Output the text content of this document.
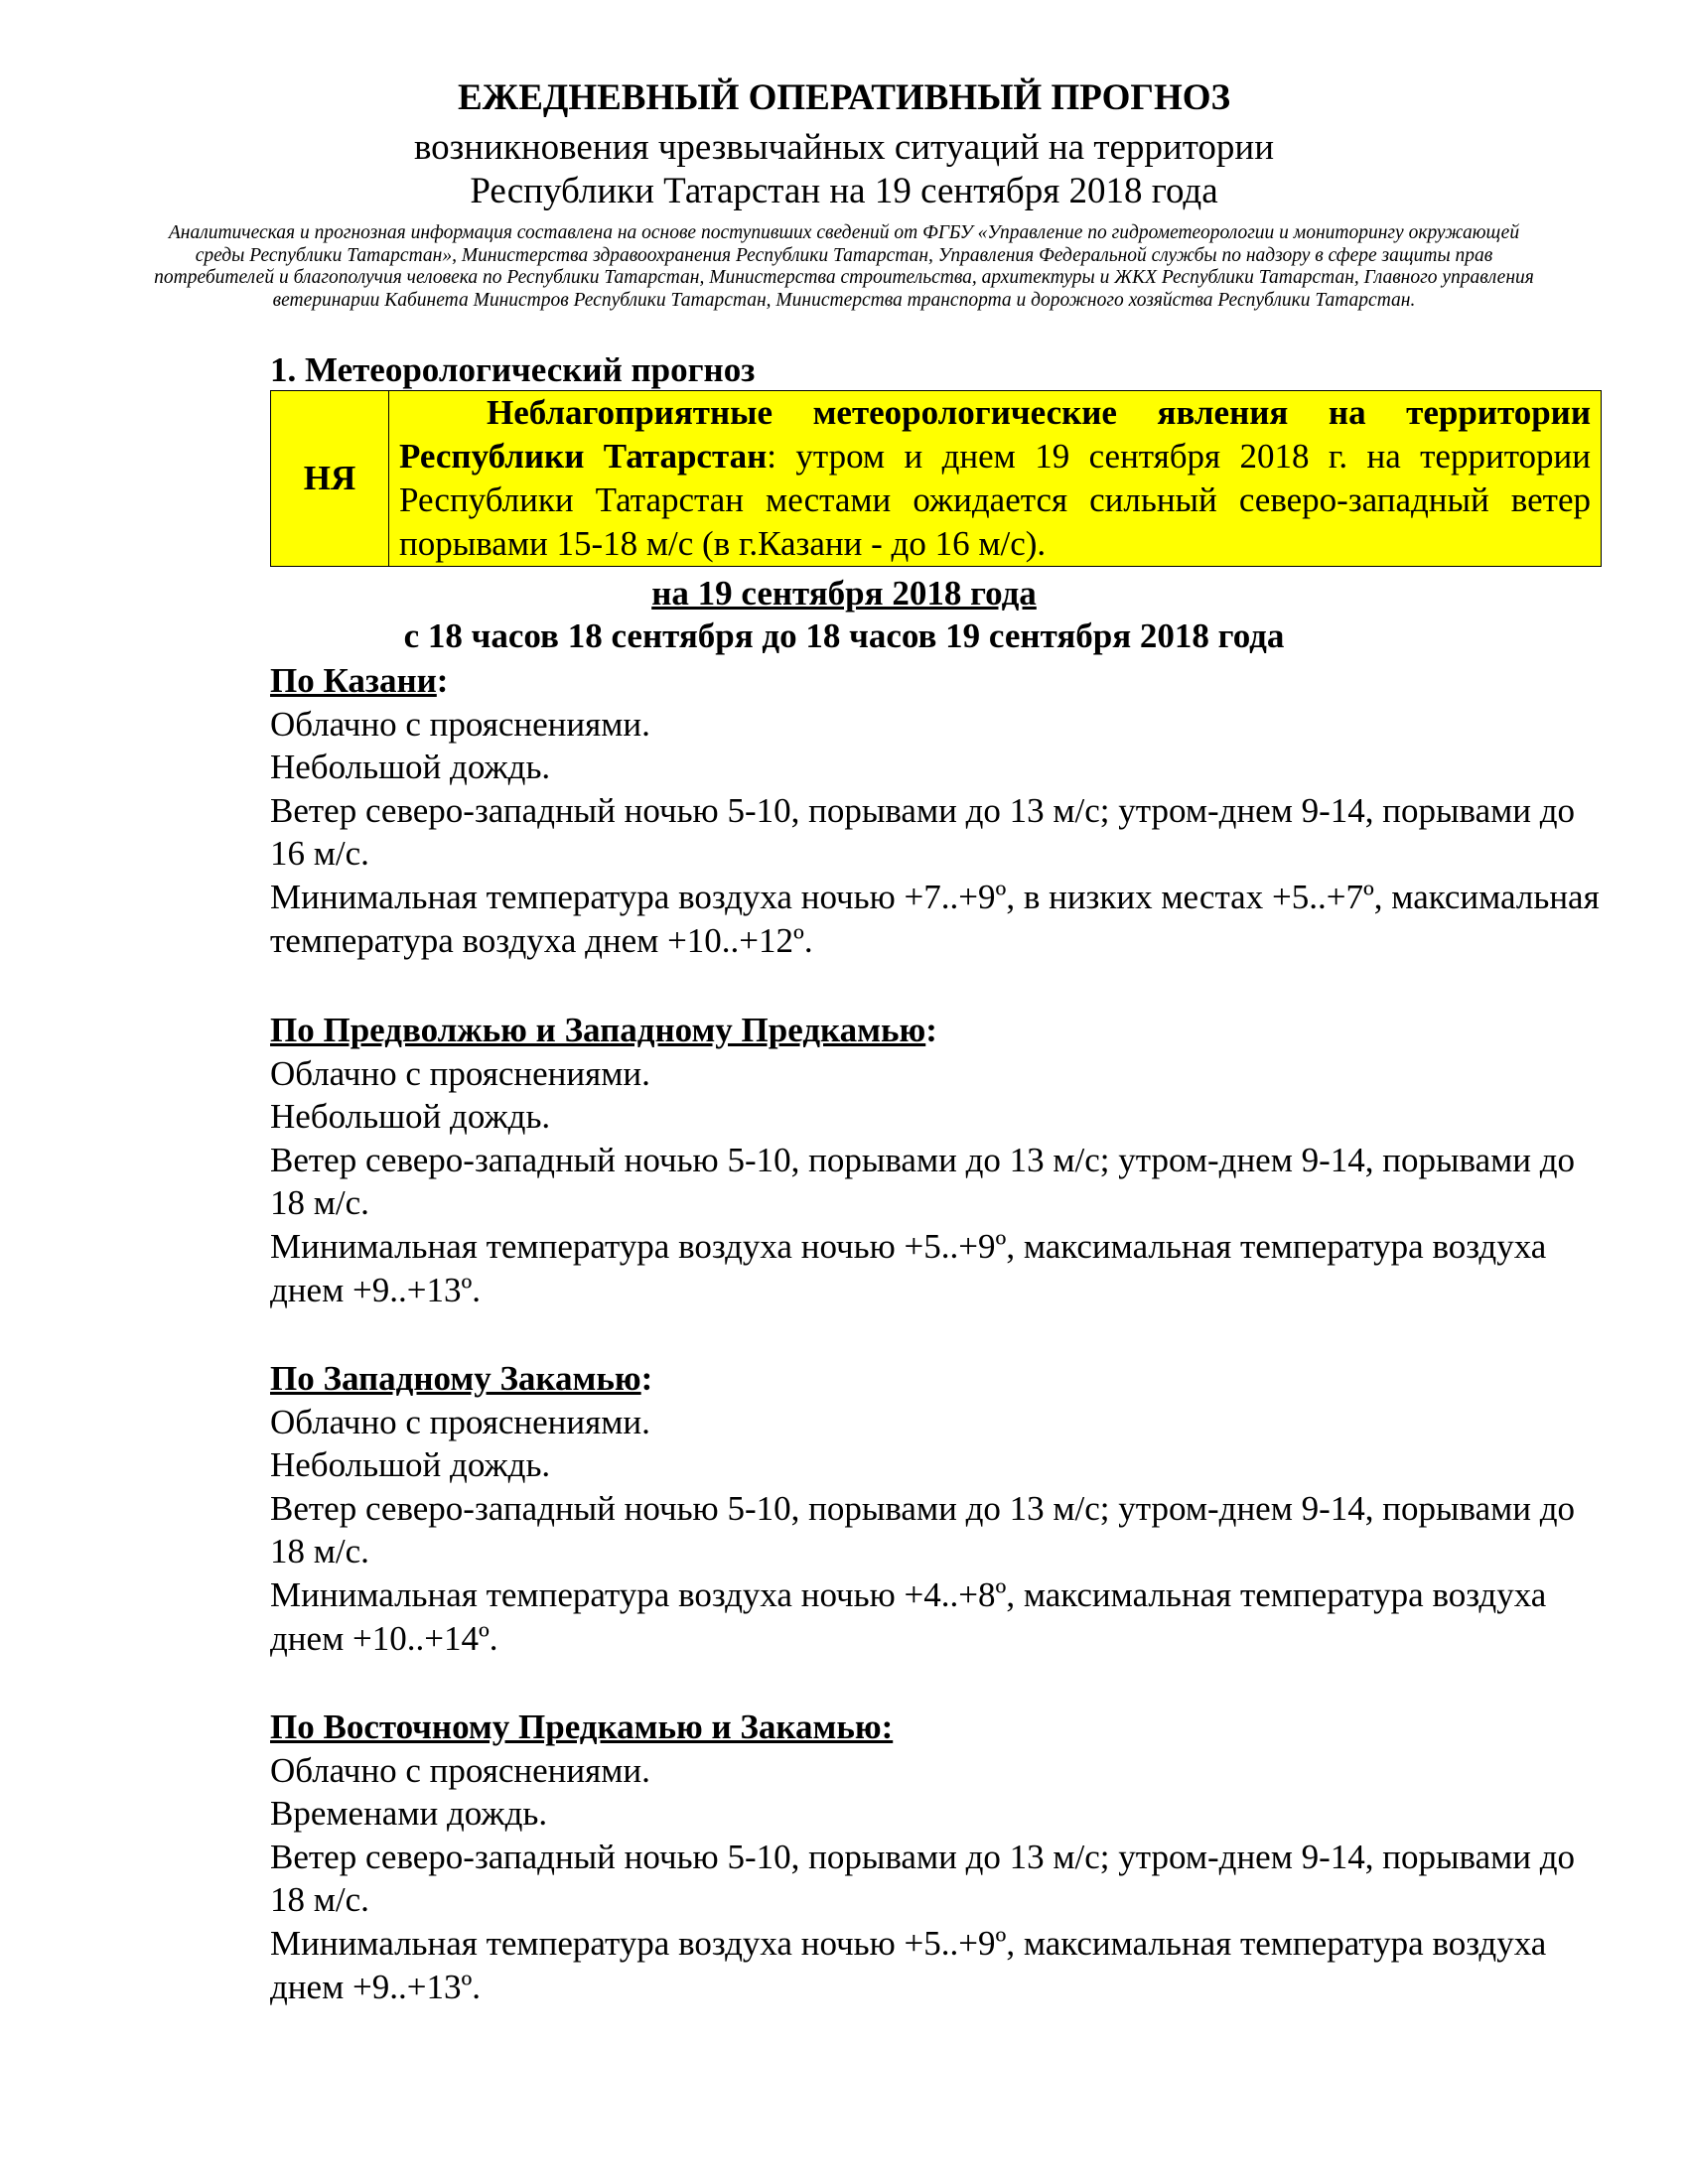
ЕЖЕДНЕВНЫЙ ОПЕРАТИВНЫЙ ПРОГНОЗ
возникновения чрезвычайных ситуаций на территории
Республики Татарстан на 19 сентября 2018 года
Аналитическая и прогнозная информация составлена на основе поступивших сведений от ФГБУ «Управление по гидрометеорологии и мониторингу окружающей среды Республики Татарстан», Министерства здравоохранения Республики Татарстан, Управления Федеральной службы по надзору в сфере защиты прав потребителей и благополучия человека по Республики Татарстан, Министерства строительства, архитектуры и ЖКХ Республики Татарстан, Главного управления ветеринарии Кабинета Министров Республики Татарстан, Министерства транспорта и дорожного хозяйства Республики Татарстан.
1. Метеорологический прогноз
НЯ	Неблагоприятные метеорологические явления на территории Республики Татарстан: утром и днем 19 сентября 2018 г. на территории Республики Татарстан местами ожидается сильный северо-западный ветер порывами 15-18 м/с (в г.Казани - до 16 м/с).
на 19 сентября 2018 года
с 18 часов 18 сентября до 18 часов 19 сентября 2018 года

По Казани:

Облачно с прояснениями.

Небольшой дождь.

Ветер северо-западный ночью 5-10, порывами до 13 м/с; утром-днем 9-14, порывами до 16 м/с.

Минимальная температура воздуха ночью +7..+9º, в низких местах +5..+7º, максимальная температура воздуха днем +10..+12º.

По Предволжью и Западному Предкамью:

Облачно с прояснениями.

Небольшой дождь.

Ветер северо-западный ночью 5-10, порывами до 13 м/с; утром-днем 9-14, порывами до 18 м/с.

Минимальная температура воздуха ночью +5..+9º, максимальная температура воздуха днем +9..+13º.

По Западному Закамью:

Облачно с прояснениями.

Небольшой дождь.

Ветер северо-западный ночью 5-10, порывами до 13 м/с; утром-днем 9-14, порывами до 18 м/с.

Минимальная температура воздуха ночью +4..+8º, максимальная температура воздуха днем +10..+14º.

По Восточному Предкамью и Закамью:

Облачно с прояснениями.

Временами дождь.

Ветер северо-западный ночью 5-10, порывами до 13 м/с; утром-днем 9-14, порывами до 18 м/с.

Минимальная температура воздуха ночью +5..+9º, максимальная температура воздуха днем +9..+13º.
